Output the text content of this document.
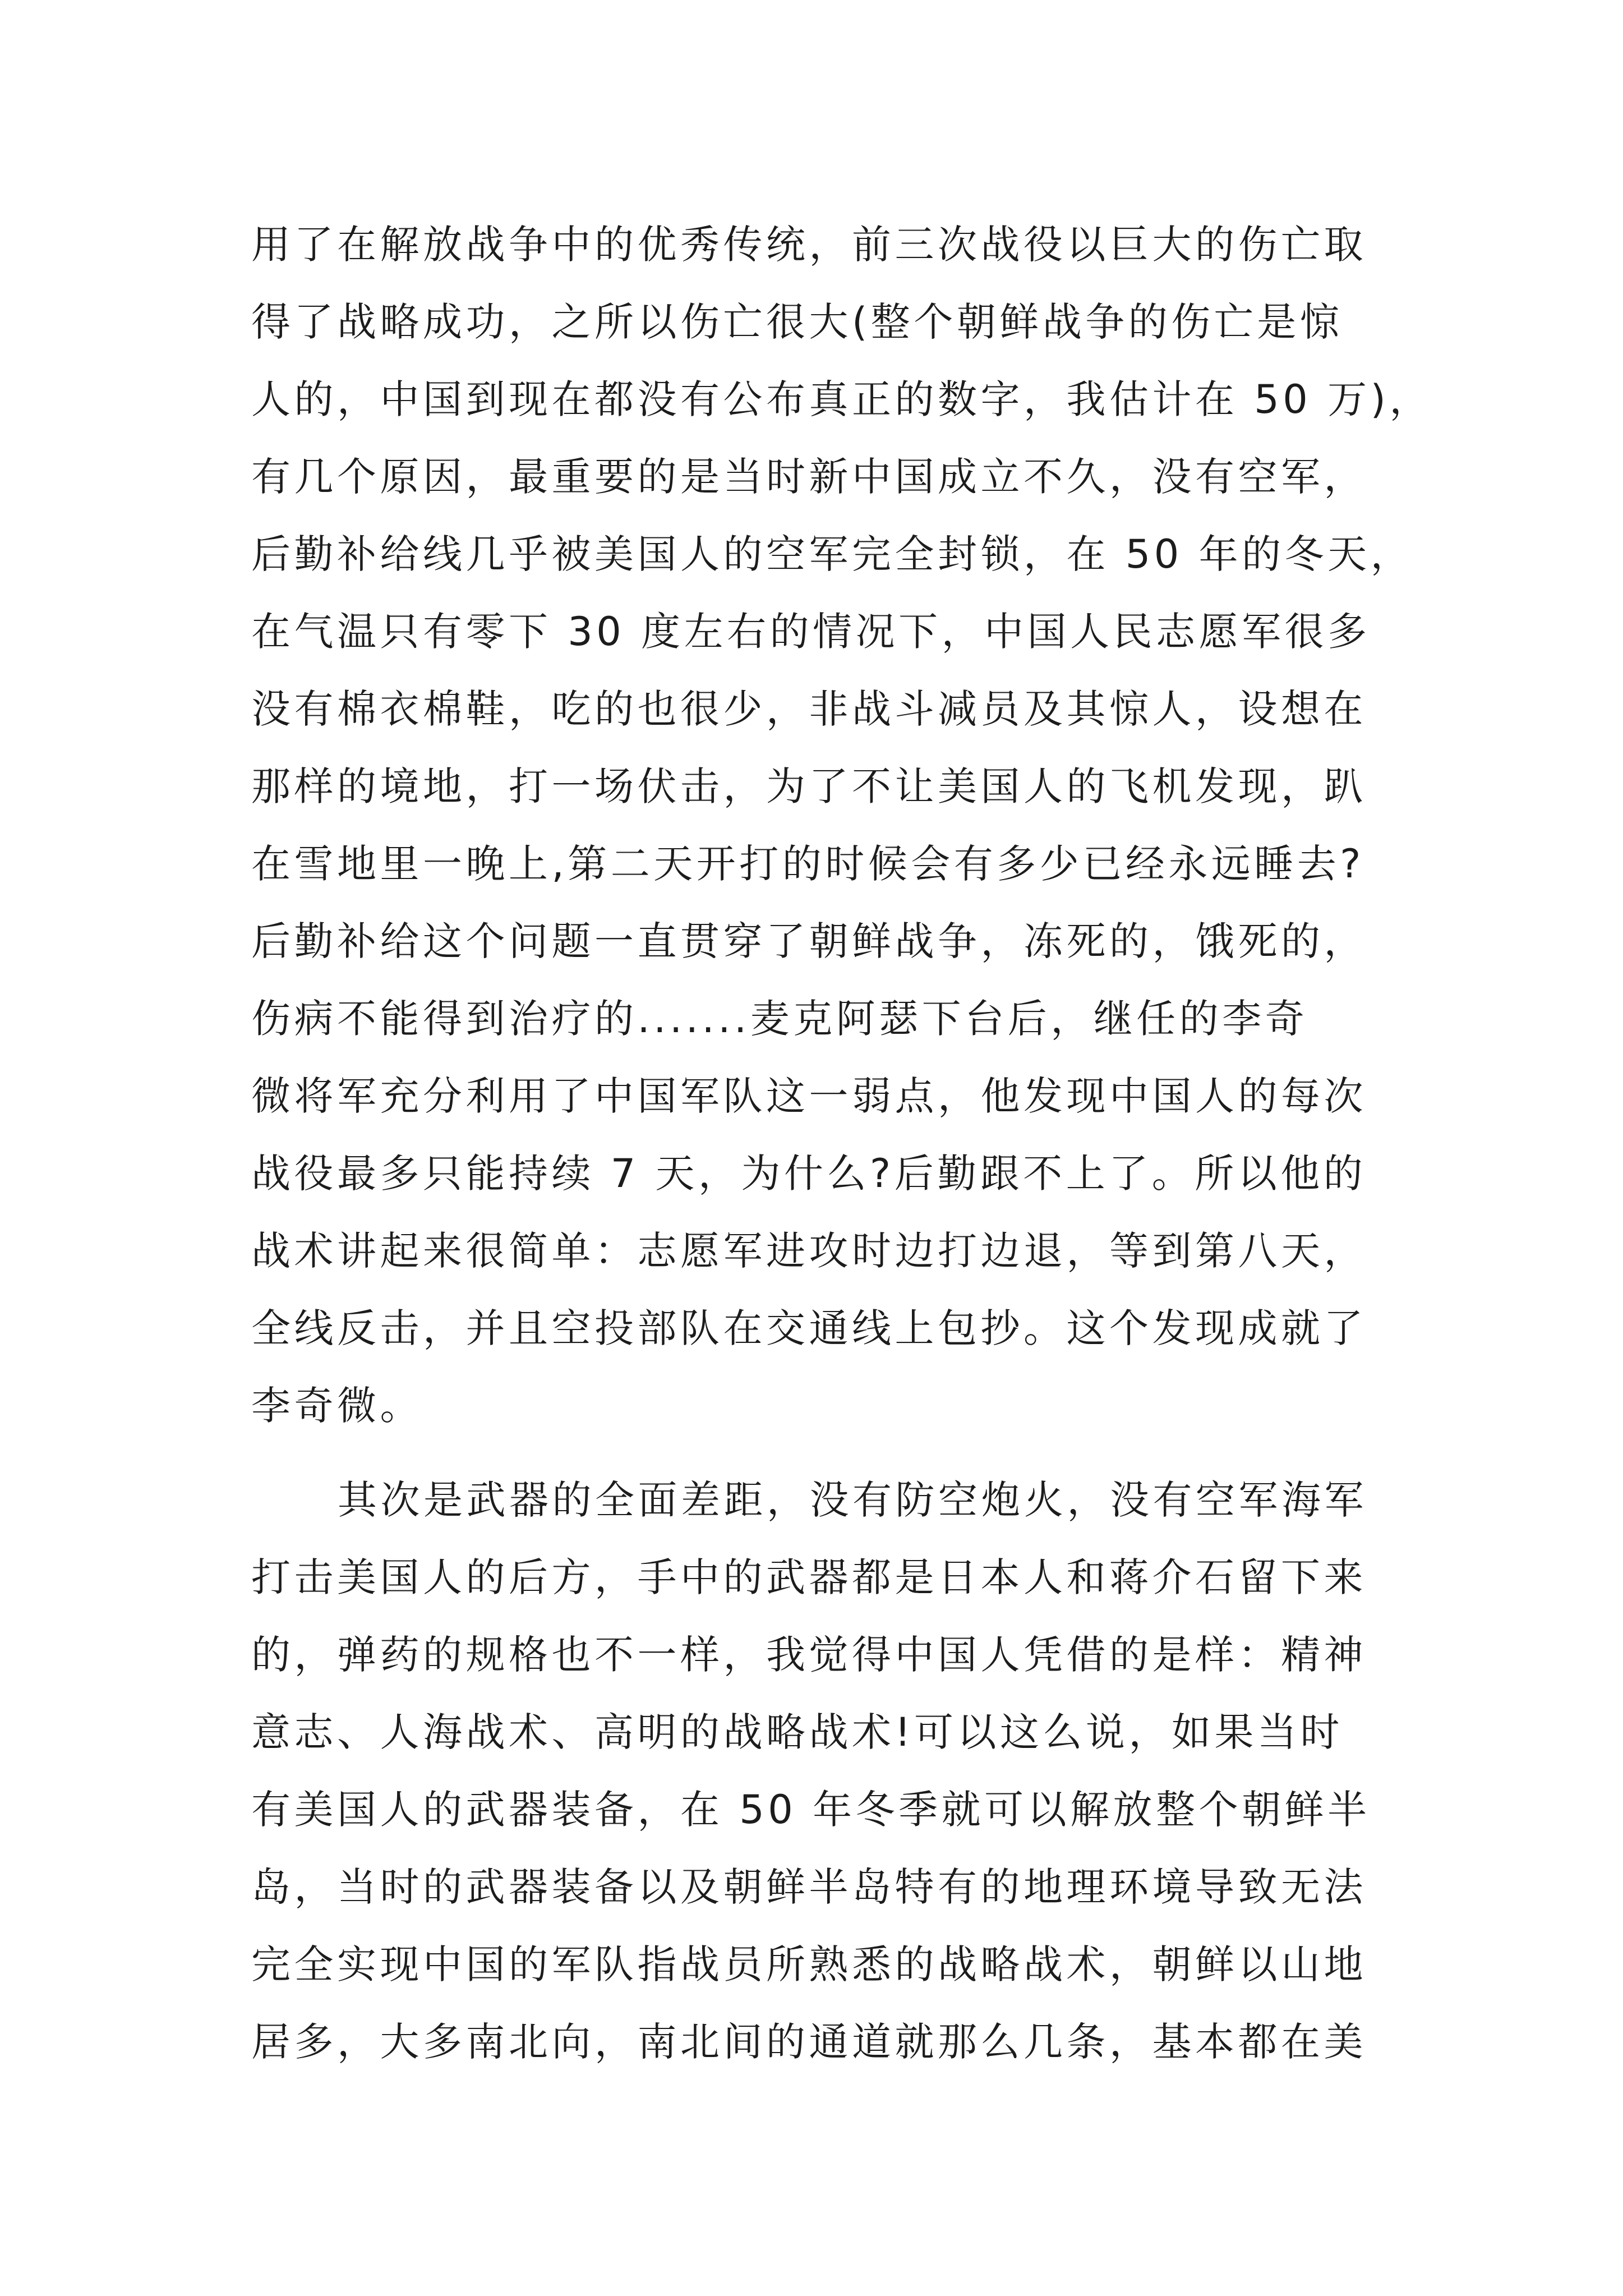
用了在解放战争中的优秀传统，前三次战役以巨大的伤亡取
得了战略成功，之所以伤亡很大(整个朝鲜战争的伤亡是惊
人的，中国到现在都没有公布真正的数字，我估计在 50 万)，
有几个原因，最重要的是当时新中国成立不久，没有空军，
后勤补给线几乎被美国人的空军完全封锁，在 50 年的冬天，
在气温只有零下 30 度左右的情况下，中国人民志愿军很多
没有棉衣棉鞋，吃的也很少，非战斗减员及其惊人，设想在
那样的境地，打一场伏击，为了不让美国人的飞机发现，趴
在雪地里一晚上,第二天开打的时候会有多少已经永远睡去?
后勤补给这个问题一直贯穿了朝鲜战争，冻死的，饿死的，
伤病不能得到治疗的.......麦克阿瑟下台后，继任的李奇
微将军充分利用了中国军队这一弱点，他发现中国人的每次
战役最多只能持续 7 天，为什么?后勤跟不上了。所以他的
战术讲起来很简单：志愿军进攻时边打边退，等到第八天，
全线反击，并且空投部队在交通线上包抄。这个发现成就了
李奇微。
其次是武器的全面差距，没有防空炮火，没有空军海军
打击美国人的后方，手中的武器都是日本人和蒋介石留下来
的，弹药的规格也不一样，我觉得中国人凭借的是样：精神
意志、人海战术、高明的战略战术!可以这么说，如果当时
有美国人的武器装备，在 50 年冬季就可以解放整个朝鲜半
岛，当时的武器装备以及朝鲜半岛特有的地理环境导致无法
完全实现中国的军队指战员所熟悉的战略战术，朝鲜以山地
居多，大多南北向，南北间的通道就那么几条，基本都在美
